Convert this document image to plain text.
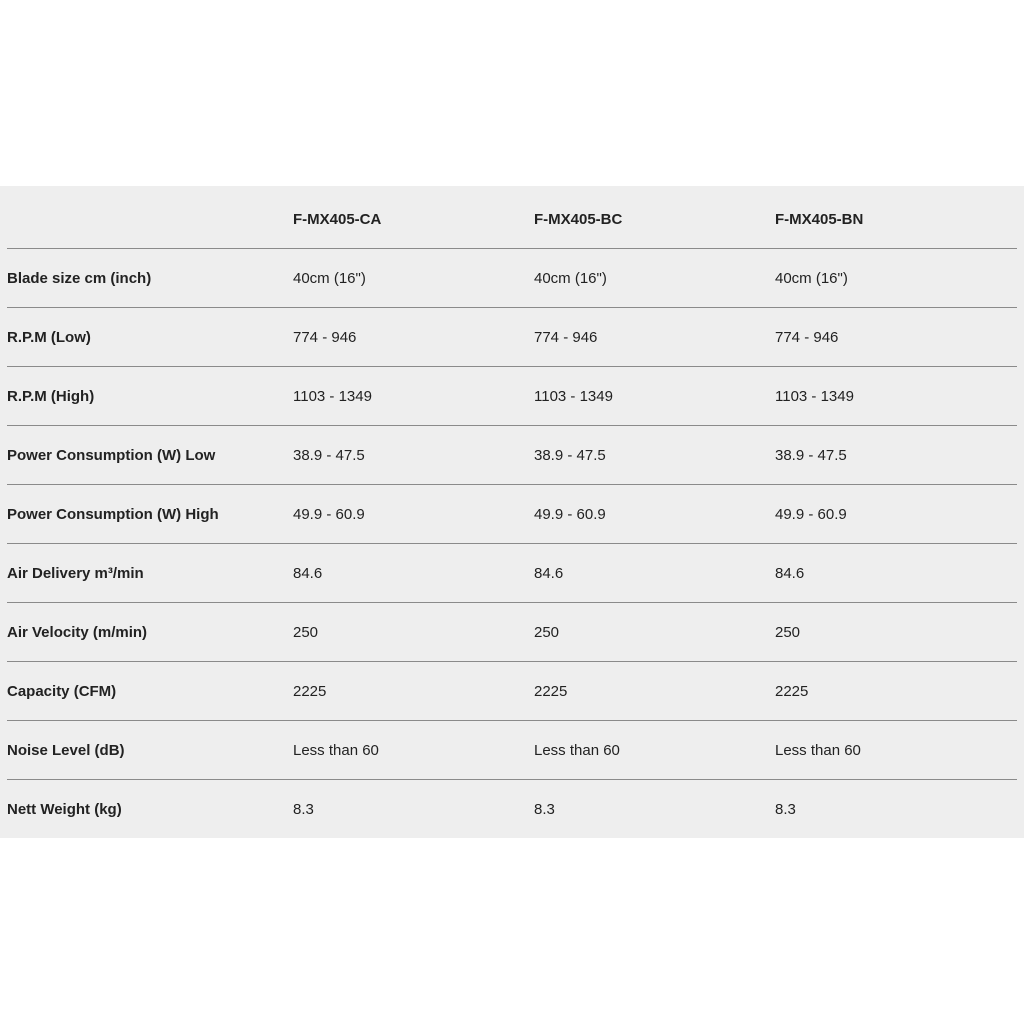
	F-MX405-CA	F-MX405-BC	F-MX405-BN
Blade size cm (inch)	40cm (16")	40cm (16")	40cm (16")
R.P.M (Low)	774 - 946	774 - 946	774 - 946
R.P.M (High)	1103 - 1349	1103 - 1349	1103 - 1349
Power Consumption (W) Low	38.9 - 47.5	38.9 - 47.5	38.9 - 47.5
Power Consumption (W) High	49.9 - 60.9	49.9 - 60.9	49.9 - 60.9
Air Delivery m³/min	84.6	84.6	84.6
Air Velocity (m/min)	250	250	250
Capacity (CFM)	2225	2225	2225
Noise Level (dB)	Less than 60	Less than 60	Less than 60
Nett Weight (kg)	8.3	8.3	8.3
